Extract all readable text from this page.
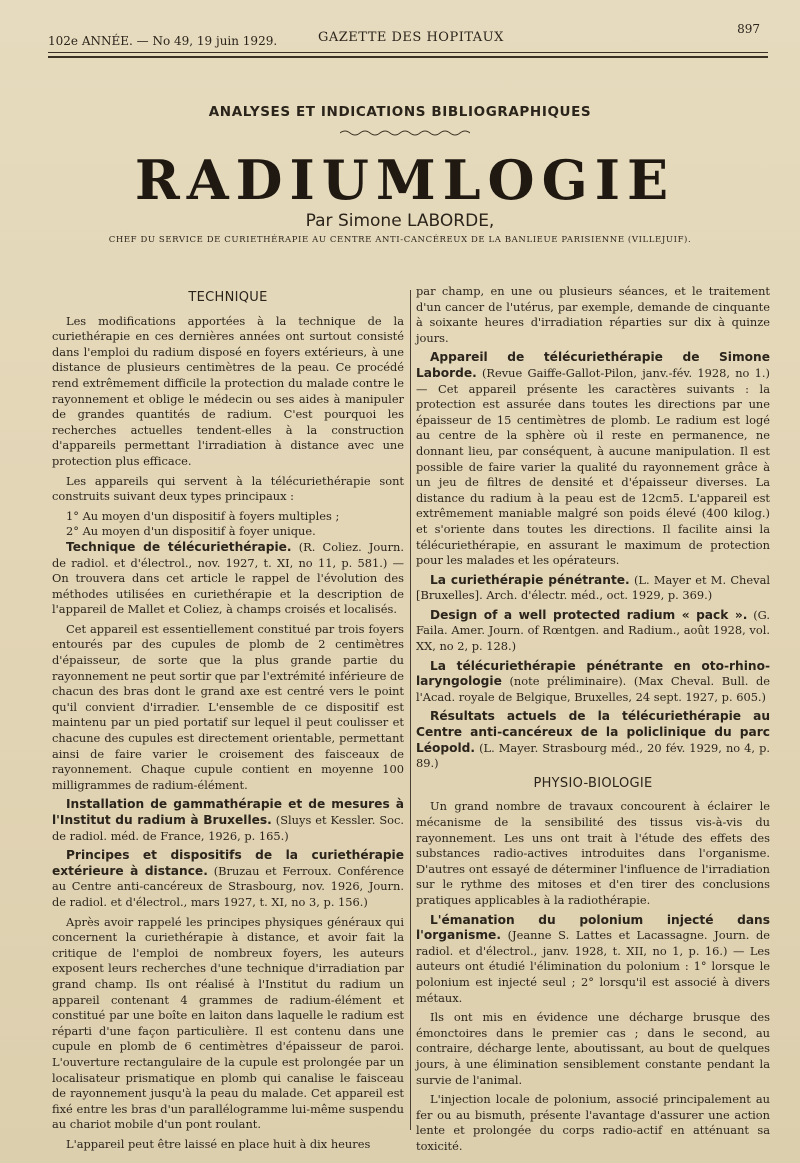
102e ANNÉE. — No 49, 19 juin 1929.	GAZETTE DES HOPITAUX
897
ANALYSES ET INDICATIONS BIBLIOGRAPHIQUES
RADIUMLOGIE
Par Simone LABORDE,
CHEF DU SERVICE DE CURIETHÉRAPIE AU CENTRE ANTI-CANCÉREUX DE LA BANLIEUE PARISIENNE (VILLEJUIF).
TECHNIQUE

Les modifications apportées à la technique de la curiethérapie en ces dernières années ont surtout consisté dans l'emploi du radium disposé en foyers extérieurs, à une distance de plusieurs centimètres de la peau. Ce procédé rend extrêmement difficile la protection du malade contre le rayonnement et oblige le médecin ou ses aides à manipuler de grandes quantités de radium. C'est pourquoi les recherches actuelles tendent-elles à la construction d'appareils permettant l'irradiation à distance avec une protection plus efficace.

Les appareils qui servent à la télécuriethérapie sont construits suivant deux types principaux :

1° Au moyen d'un dispositif à foyers multiples ;
2° Au moyen d'un dispositif à foyer unique.

Technique de télécuriethérapie. (R. Coliez. Journ. de radiol. et d'électrol., nov. 1927, t. XI, no 11, p. 581.) — On trouvera dans cet article le rappel de l'évolution des méthodes utilisées en curiethérapie et la description de l'appareil de Mallet et Coliez, à champs croisés et localisés.

Cet appareil est essentiellement constitué par trois foyers entourés par des cupules de plomb de 2 centimètres d'épaisseur, de sorte que la plus grande partie du rayonnement ne peut sortir que par l'extrémité inférieure de chacun des bras dont le grand axe est centré vers le point qu'il convient d'irradier. L'ensemble de ce dispositif est maintenu par un pied portatif sur lequel il peut coulisser et chacune des cupules est directement orientable, permettant ainsi de faire varier le croisement des faisceaux de rayonnement. Chaque cupule contient en moyenne 100 milligrammes de radium-élément.

Installation de gammathérapie et de mesures à l'Institut du radium à Bruxelles. (Sluys et Kessler. Soc. de radiol. méd. de France, 1926, p. 165.)

Principes et dispositifs de la curiethérapie extérieure à distance. (Bruzau et Ferroux. Conférence au Centre anti-cancéreux de Strasbourg, nov. 1926, Journ. de radiol. et d'électrol., mars 1927, t. XI, no 3, p. 156.)

Après avoir rappelé les principes physiques généraux qui concernent la curiethérapie à distance, et avoir fait la critique de l'emploi de nombreux foyers, les auteurs exposent leurs recherches d'une technique d'irradiation par grand champ. Ils ont réalisé à l'Institut du radium un appareil contenant 4 grammes de radium-élément et constitué par une boîte en laiton dans laquelle le radium est réparti d'une façon particulière. Il est contenu dans une cupule en plomb de 6 centimètres d'épaisseur de paroi. L'ouverture rectangulaire de la cupule est prolongée par un localisateur prismatique en plomb qui canalise le faisceau de rayonnement jusqu'à la peau du malade. Cet appareil est fixé entre les bras d'un parallélogramme lui-même suspendu au chariot mobile d'un pont roulant.

L'appareil peut être laissé en place huit à dix heures

par champ, en une ou plusieurs séances, et le traitement d'un cancer de l'utérus, par exemple, demande de cinquante à soixante heures d'irradiation réparties sur dix à quinze jours.

Appareil de télécuriethérapie de Simone Laborde. (Revue Gaiffe-Gallot-Pilon, janv.-fév. 1928, no 1.) — Cet appareil présente les caractères suivants : la protection est assurée dans toutes les directions par une épaisseur de 15 centimètres de plomb. Le radium est logé au centre de la sphère où il reste en permanence, ne donnant lieu, par conséquent, à aucune manipulation. Il est possible de faire varier la qualité du rayonnement grâce à un jeu de filtres de densité et d'épaisseur diverses. La distance du radium à la peau est de 12cm5. L'appareil est extrêmement maniable malgré son poids élevé (400 kilog.) et s'oriente dans toutes les directions. Il facilite ainsi la télécuriethérapie, en assurant le maximum de protection pour les malades et les opérateurs.

La curiethérapie pénétrante. (L. Mayer et M. Cheval [Bruxelles]. Arch. d'électr. méd., oct. 1929, p. 369.)

Design of a well protected radium « pack ». (G. Faila. Amer. Journ. of Rœntgen. and Radium., août 1928, vol. XX, no 2, p. 128.)

La télécuriethérapie pénétrante en oto-rhino-laryngologie (note préliminaire). (Max Cheval. Bull. de l'Acad. royale de Belgique, Bruxelles, 24 sept. 1927, p. 605.)

Résultats actuels de la télécuriethérapie au Centre anti-cancéreux de la policlinique du parc Léopold. (L. Mayer. Strasbourg méd., 20 fév. 1929, no 4, p. 89.)

PHYSIO-BIOLOGIE

Un grand nombre de travaux concourent à éclairer le mécanisme de la sensibilité des tissus vis-à-vis du rayonnement. Les uns ont trait à l'étude des effets des substances radio-actives introduites dans l'organisme. D'autres ont essayé de déterminer l'influence de l'irradiation sur le rythme des mitoses et d'en tirer des conclusions pratiques applicables à la radiothérapie.

L'émanation du polonium injecté dans l'organisme. (Jeanne S. Lattes et Lacassagne. Journ. de radiol. et d'électrol., janv. 1928, t. XII, no 1, p. 16.) — Les auteurs ont étudié l'élimination du polonium : 1° lorsque le polonium est injecté seul ; 2° lorsqu'il est associé à divers métaux.

Ils ont mis en évidence une décharge brusque des émonctoires dans le premier cas ; dans le second, au contraire, décharge lente, aboutissant, au bout de quelques jours, à une élimination sensiblement constante pendant la survie de l'animal.

L'injection locale de polonium, associé principalement au fer ou au bismuth, présente l'avantage d'assurer une action lente et prolongée du corps radio-actif en atténuant sa toxicité.
